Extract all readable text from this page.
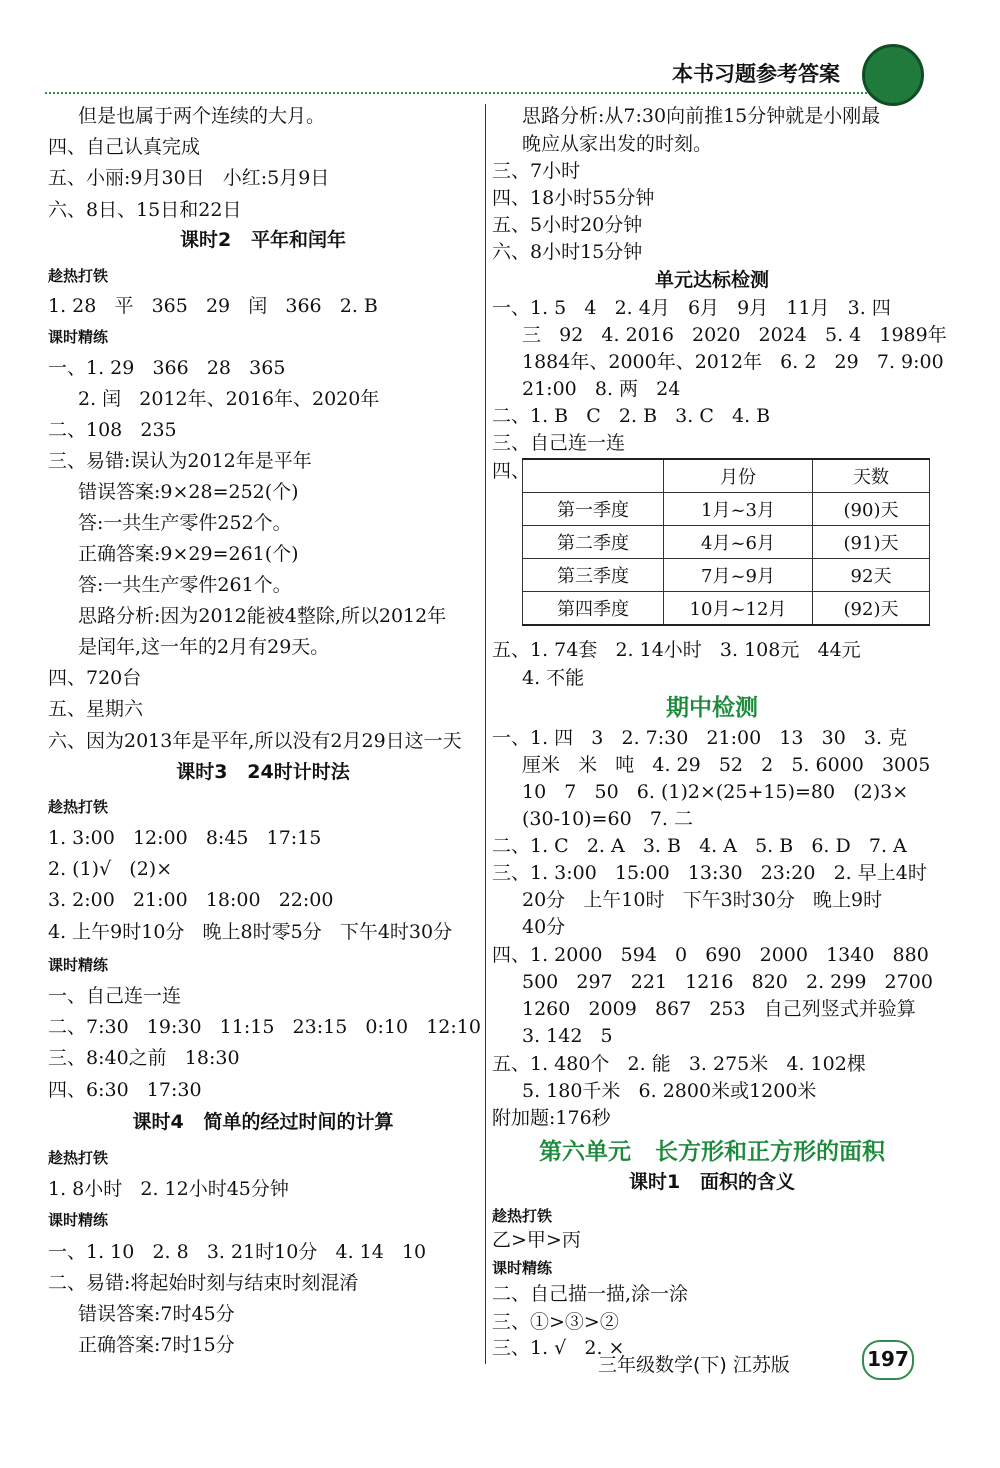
本书习题参考答案
但是也属于两个连续的大月。
四、自己认真完成
五、小丽:9月30日   小红:5月9日
六、8日、15日和22日
课时2   平年和闰年
趁热打铁
1. 28   平   365   29   闰   366   2. B
课时精练
一、1. 29   366   28   365
2. 闰   2012年、2016年、2020年
二、108   235
三、易错:误认为2012年是平年
错误答案:9×28=252(个)
答:一共生产零件252个。
正确答案:9×29=261(个)
答:一共生产零件261个。
思路分析:因为2012能被4整除,所以2012年
是闰年,这一年的2月有29天。
四、720台
五、星期六
六、因为2013年是平年,所以没有2月29日这一天
课时3   24时计时法
趁热打铁
1. 3:00   12:00   8:45   17:15
2. (1)√   (2)×
3. 2:00   21:00   18:00   22:00
4. 上午9时10分   晚上8时零5分   下午4时30分
课时精练
一、自己连一连
二、7:30   19:30   11:15   23:15   0:10   12:10
三、8:40之前   18:30
四、6:30   17:30
课时4   简单的经过时间的计算
趁热打铁
1. 8小时   2. 12小时45分钟
课时精练
一、1. 10   2. 8   3. 21时10分   4. 14   10
二、易错:将起始时刻与结束时刻混淆
错误答案:7时45分
正确答案:7时15分
	月份	天数
第一季度	1月~3月	(90)天
第二季度	4月~6月	(91)天
第三季度	7月~9月	92天
第四季度	10月~12月	(92)天
思路分析:从7:30向前推15分钟就是小刚最
晚应从家出发的时刻。
三、7小时
四、18小时55分钟
五、5小时20分钟
六、8小时15分钟
单元达标检测
一、1. 5   4   2. 4月   6月   9月   11月   3. 四
三   92   4. 2016   2020   2024   5. 4   1989年
1884年、2000年、2012年   6. 2   29   7. 9:00
21:00   8. 两   24
二、1. B   C   2. B   3. C   4. B
三、自己连一连
四、
五、1. 74套   2. 14小时   3. 108元   44元
4. 不能
期中检测
一、1. 四   3   2. 7:30   21:00   13   30   3. 克
厘米   米   吨   4. 29   52   2   5. 6000   3005
10   7   50   6. (1)2×(25+15)=80   (2)3×
(30-10)=60   7. 二
二、1. C   2. A   3. B   4. A   5. B   6. D   7. A
三、1. 3:00   15:00   13:30   23:20   2. 早上4时
20分   上午10时   下午3时30分   晚上9时
40分
四、1. 2000   594   0   690   2000   1340   880
500   297   221   1216   820   2. 299   2700
1260   2009   867   253   自己列竖式并验算
3. 142   5
五、1. 480个   2. 能   3. 275米   4. 102棵
5. 180千米   6. 2800米或1200米
附加题:176秒
第六单元   长方形和正方形的面积
课时1   面积的含义
趁热打铁
乙>甲>丙
课时精练
二、自己描一描,涂一涂
三、①>③>②
三、1. √   2. ×
三年级数学(下) 江苏版	197
